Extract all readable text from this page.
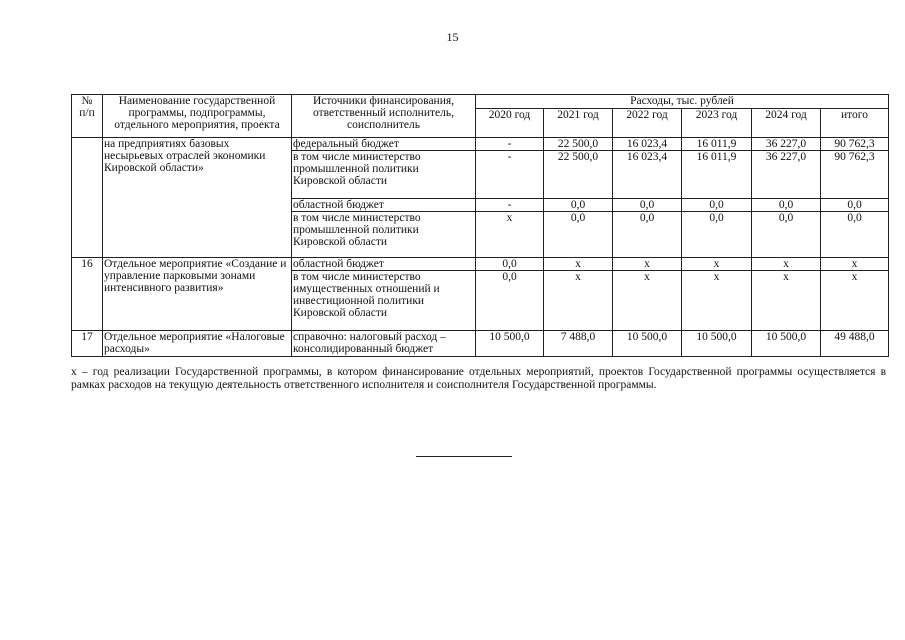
15
№
п/п	Наименование государственной программы, подпрограммы, отдельного мероприятия, проекта	Источники финансирования, ответственный исполнитель, соисполнитель	Расходы, тыс. рублей					
			2020 год	2021 год	2022 год	2023 год	2024 год	итого
	на предприятиях базовых несырьевых отраслей экономики Кировской области»	федеральный бюджет	-	22 500,0	16 023,4	16 011,9	36 227,0	90 762,3
		в том числе министерство промышленной политики Кировской области	-	22 500,0	16 023,4	16 011,9	36 227,0	90 762,3
		областной бюджет	-	0,0	0,0	0,0	0,0	0,0
		в том числе министерство промышленной политики Кировской области	x	0,0	0,0	0,0	0,0	0,0
16	Отдельное мероприятие «Создание и управление парковыми зонами интенсивного развития»	областной бюджет	0,0	x	x	x	x	x
		в том числе министерство имущественных отношений и инвестиционной политики Кировской области	0,0	x	x	x	x	x
17	Отдельное мероприятие «Налоговые расходы»	справочно: налоговый расход – консолидированный бюджет	10 500,0	7 488,0	10 500,0	10 500,0	10 500,0	49 488,0
x – год реализации Государственной программы, в котором финансирование отдельных мероприятий, проектов Государственной программы осуществляется в рамках расходов на текущую деятельность ответственного исполнителя и соисполнителя Государственной программы.
